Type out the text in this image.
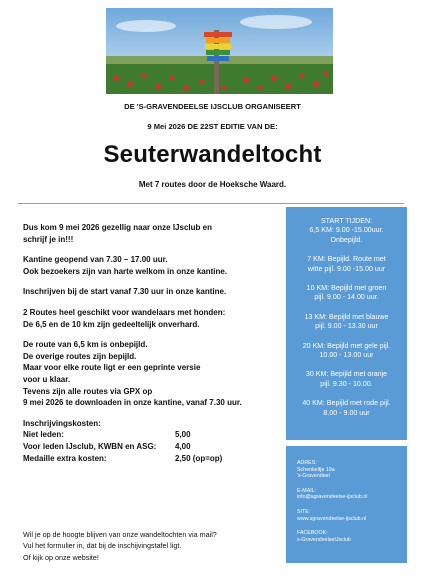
DE 'S-GRAVENDEELSE IJSCLUB ORGANISEERT
9 Mei 2026 DE 22ST EDITIE VAN DE:
Seuterwandeltocht
Met 7 routes door de Hoeksche Waard.

Dus kom 9 mei 2026 gezellig naar onze IJsclub en

schrijf je in!!!

Kantine geopend van 7.30 – 17.00 uur.

Ook bezoekers zijn van harte welkom in onze kantine.

Inschrijven bij de start vanaf 7.30 uur in onze kantine.

2 Routes heel geschikt voor wandelaars met honden:

De 6,5 en de 10 km zijn gedeeltelijk onverhard.

De route van 6,5 km is onbepijld.

De overige routes zijn bepijld.

Maar voor elke route ligt er een geprinte versie

voor u klaar.

Tevens zijn alle routes via GPX op

9 mei 2026 te downloaden in onze kantine, vanaf 7.30 uur.

Inschrijvingskosten:

Niet leden:	5,00
Voor leden IJsclub, KWBN en ASG:	4,00
Medaille extra kosten:	2,50 (op=op)

Wil je op de hoogte blijven van onze wandeltochten via mail?

Vul het formulier in, dat bij de inschijvingstafel ligt.

Of kijk op onze website!

START TIJDEN:
6,5 KM: 9.00 -15.00uur.
Onbepijld.
7 KM: Bepijld. Route met
witte pijl. 9.00 -15.00 uur
10 KM: Bepijld met groen
pijl. 9.00 - 14.00 uur.
13 KM: Bepijld met blauwe
pijl. 9.00 - 13.30 uur
20 KM: Bepijld met gele pijl.
10.00 - 13.00 uur
30 KM: Bepijld met oranje
pijl. 9.30 - 10.00.
40 KM: Bepijld met rode pijl.
8.00 - 9.00 uur
ADRES:
Schenkeltje 19a
's-Gravendeel
E-MAIL:
info@sgravendeelse-ijsclub.nl
SITE:
www.sgravendeelse-ijsclub.nl
FACEBOOK:
s-GravendeelseIJsclub
